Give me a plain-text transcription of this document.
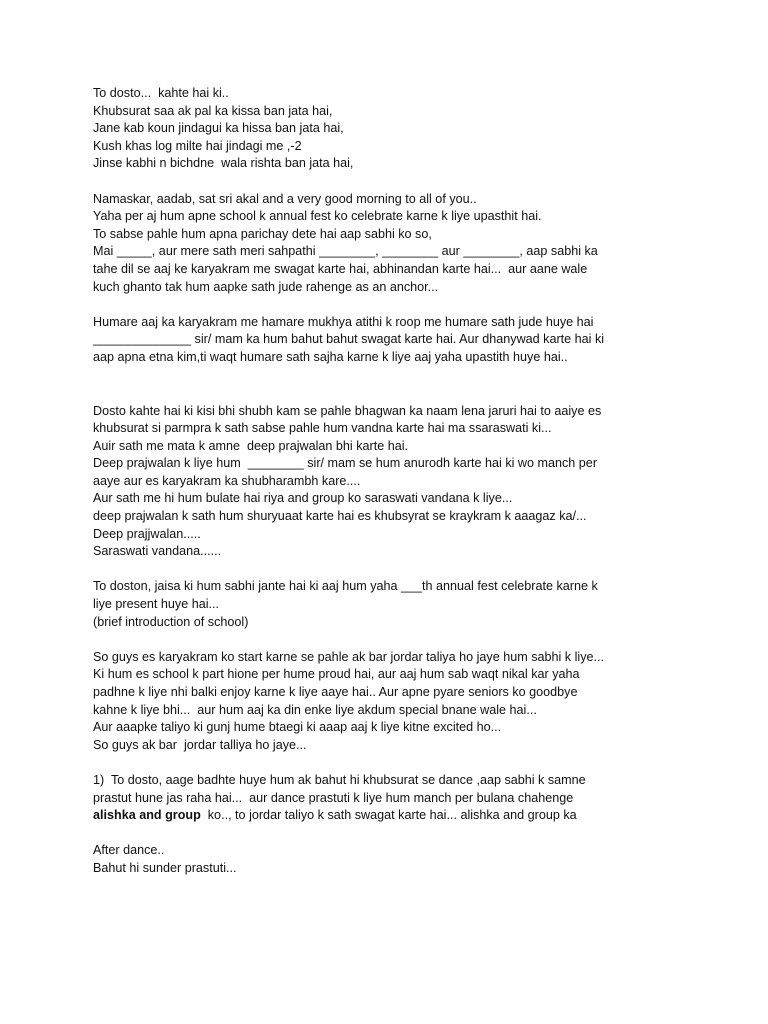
To dosto...  kahte hai ki..
Khubsurat saa ak pal ka kissa ban jata hai,
Jane kab koun jindagui ka hissa ban jata hai,
Kush khas log milte hai jindagi me ,-2
Jinse kabhi n bichdne  wala rishta ban jata hai,
Namaskar, aadab, sat sri akal and a very good morning to all of you..
Yaha per aj hum apne school k annual fest ko celebrate karne k liye upasthit hai.
To sabse pahle hum apna parichay dete hai aap sabhi ko so,
Mai _____, aur mere sath meri sahpathi ________, ________ aur ________, aap sabhi ka
tahe dil se aaj ke karyakram me swagat karte hai, abhinandan karte hai...  aur aane wale
kuch ghanto tak hum aapke sath jude rahenge as an anchor...
Humare aaj ka karyakram me hamare mukhya atithi k roop me humare sath jude huye hai
______________ sir/ mam ka hum bahut bahut swagat karte hai. Aur dhanywad karte hai ki
aap apna etna kim,ti waqt humare sath sajha karne k liye aaj yaha upastith huye hai..
Dosto kahte hai ki kisi bhi shubh kam se pahle bhagwan ka naam lena jaruri hai to aaiye es
khubsurat si parmpra k sath sabse pahle hum vandna karte hai ma ssaraswati ki...
Auir sath me mata k amne  deep prajwalan bhi karte hai.
Deep prajwalan k liye hum  ________ sir/ mam se hum anurodh karte hai ki wo manch per
aaye aur es karyakram ka shubharambh kare....
Aur sath me hi hum bulate hai riya and group ko saraswati vandana k liye...
deep prajwalan k sath hum shuryuaat karte hai es khubsyrat se kraykram k aaagaz ka/...
Deep prajjwalan.....
Saraswati vandana......
To doston, jaisa ki hum sabhi jante hai ki aaj hum yaha ___th annual fest celebrate karne k
liye present huye hai...
(brief introduction of school)
So guys es karyakram ko start karne se pahle ak bar jordar taliya ho jaye hum sabhi k liye...
Ki hum es school k part hione per hume proud hai, aur aaj hum sab waqt nikal kar yaha
padhne k liye nhi balki enjoy karne k liye aaye hai.. Aur apne pyare seniors ko goodbye
kahne k liye bhi...  aur hum aaj ka din enke liye akdum special bnane wale hai...
Aur aaapke taliyo ki gunj hume btaegi ki aaap aaj k liye kitne excited ho...
So guys ak bar  jordar talliya ho jaye...
1)  To dosto, aage badhte huye hum ak bahut hi khubsurat se dance ,aap sabhi k samne
prastut hune jas raha hai...  aur dance prastuti k liye hum manch per bulana chahenge
alishka and group  ko.., to jordar taliyo k sath swagat karte hai... alishka and group ka
After dance..
Bahut hi sunder prastuti...
